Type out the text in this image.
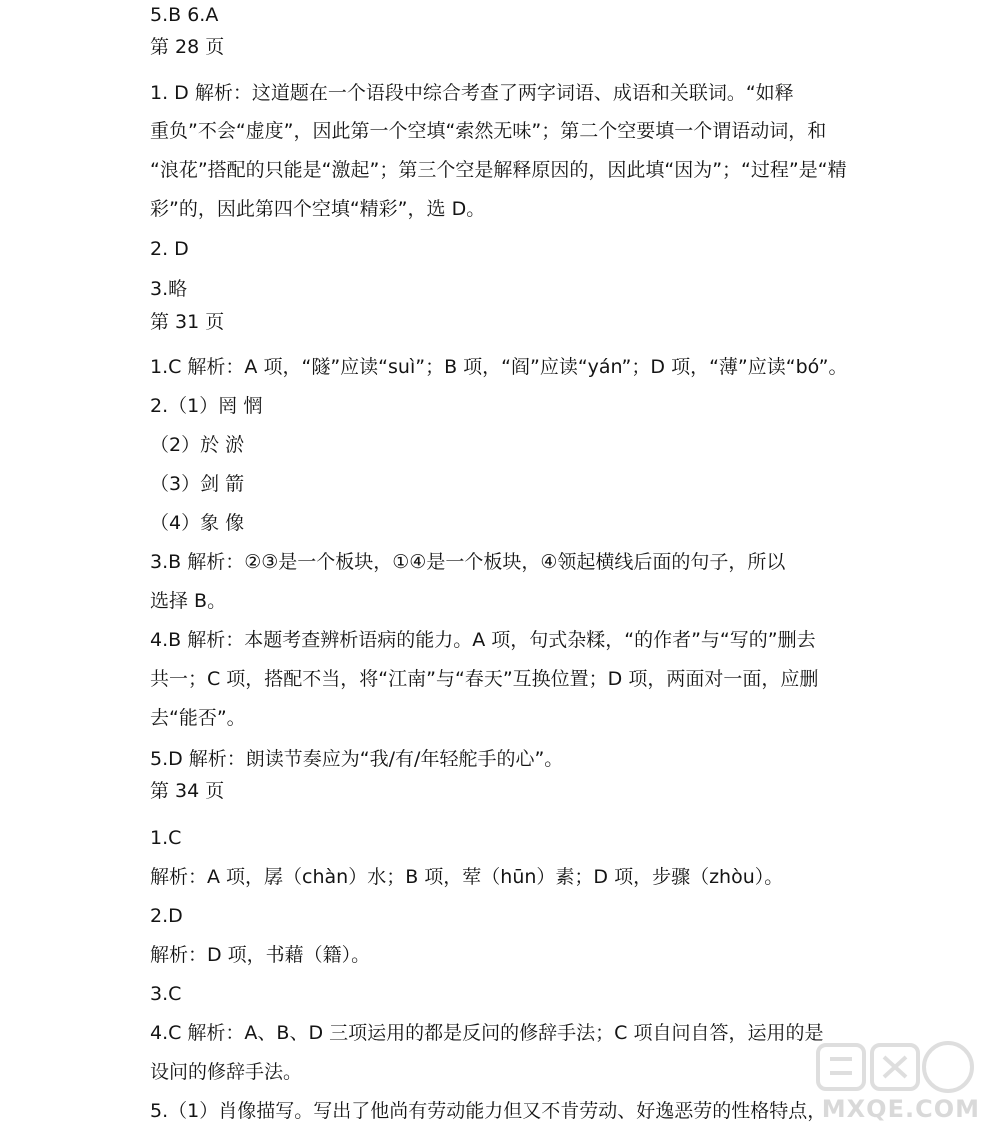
5.B 6.A
第 28 页
1. D 解析：这道题在一个语段中综合考查了两字词语、成语和关联词。“如释
重负”不会“虚度”，因此第一个空填“索然无味”；第二个空要填一个谓语动词，和
“浪花”搭配的只能是“激起”；第三个空是解释原因的，因此填“因为”；“过程”是“精
彩”的，因此第四个空填“精彩”，选 D。
2. D
3.略
第 31 页
1.C 解析：A 项，“隧”应读“suì”；B 项，“阎”应读“yán”；D 项，“薄”应读“bó”。
2.（1）罔 惘
（2）於 淤
（3）剑 箭
（4）象 像
3.B 解析：②③是一个板块，①④是一个板块，④领起横线后面的句子，所以
选择 B。
4.B 解析：本题考查辨析语病的能力。A 项，句式杂糅，“的作者”与“写的”删去
共一；C 项，搭配不当，将“江南”与“春天”互换位置；D 项，两面对一面，应删
去“能否”。
5.D 解析：朗读节奏应为“我/有/年轻舵手的心”。
第 34 页
1.C
解析：A 项，孱（chàn）水；B 项，荤（hūn）素；D 项，步骤（zhòu）。
2.D
解析：D 项，书藉（籍）。
3.C
4.C 解析：A、B、D 三项运用的都是反问的修辞手法；C 项自问自答，运用的是
设问的修辞手法。
5.（1）肖像描写。写出了他尚有劳动能力但又不肯劳动、好逸恶劳的性格特点，
MXQE.COM
